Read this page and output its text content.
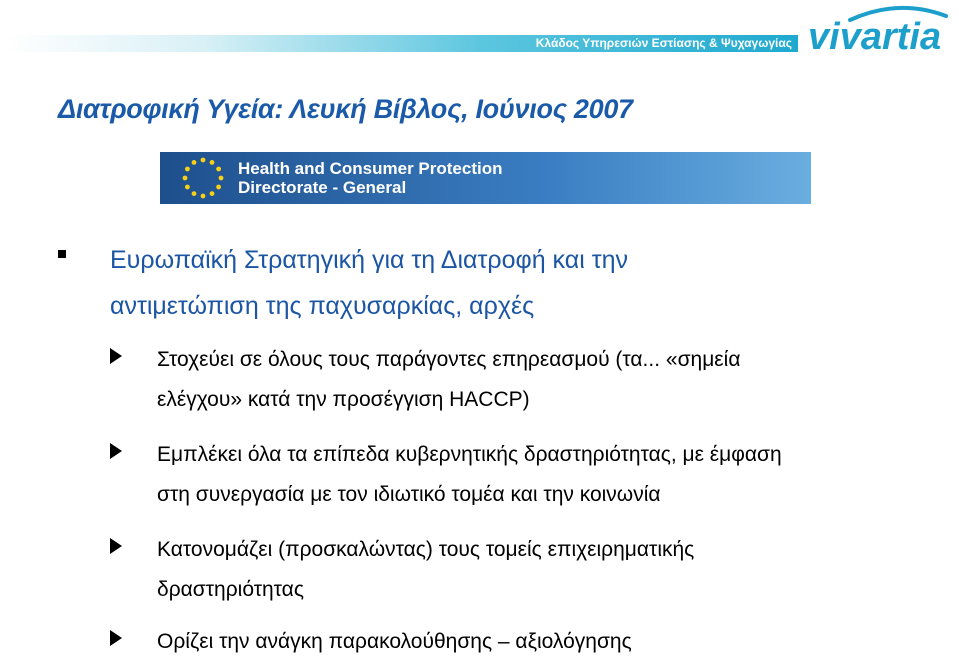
Κλάδος Υπηρεσιών Εστίασης & Ψυχαγωγίας vivartia
Διατροφική Υγεία: Λευκή Βίβλος, Ιούνιος 2007
Health and Consumer Protection
Directorate - General
Ευρωπαϊκή Στρατηγική για τη Διατροφή και την
αντιμετώπιση της παχυσαρκίας, αρχές
Στοχεύει σε όλους τους παράγοντες επηρεασμού (τα... «σημεία
ελέγχου» κατά την προσέγγιση HACCP)
Εμπλέκει όλα τα επίπεδα κυβερνητικής δραστηριότητας, με έμφαση
στη συνεργασία με τον ιδιωτικό τομέα και την κοινωνία
Κατονομάζει (προσκαλώντας) τους τομείς επιχειρηματικής
δραστηριότητας
Ορίζει την ανάγκη παρακολούθησης – αξιολόγησης
